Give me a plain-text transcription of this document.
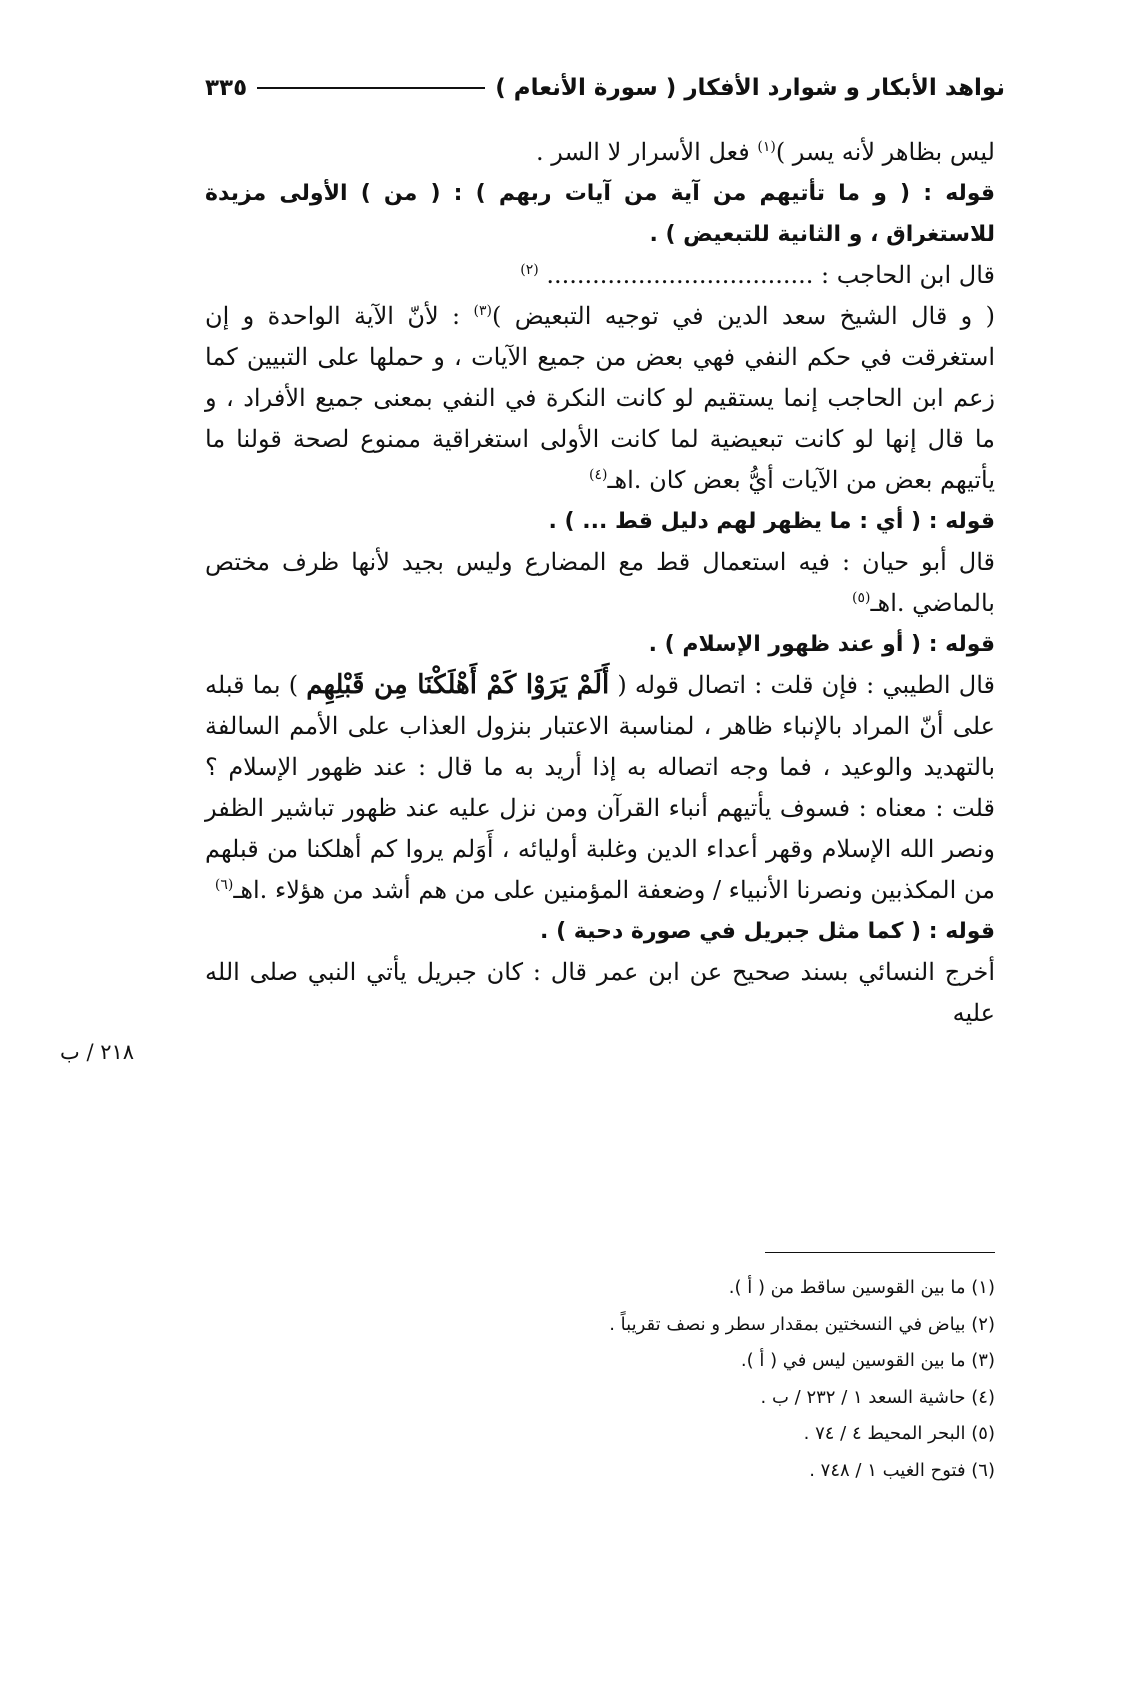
نواهد الأبكار و شوارد الأفكار ( سورة الأنعام )
٣٣٥

ليس بظاهر لأنه يسر )$^{(١)}$ فعل الأسرار لا السر .

قوله : ( و ما تأتيهم من آية من آيات ربهم ) : ( من ) الأولى مزيدة للاستغراق ، و الثانية للتبعيض ) .

قال ابن الحاجب : ................................... $^{(٢)}$

( و قال الشيخ سعد الدين في توجيه التبعيض )$^{(٣)}$ : لأنّ الآية الواحدة و إن استغرقت في حكم النفي فهي بعض من جميع الآيات ، و حملها على التبيين كما زعم ابن الحاجب إنما يستقيم لو كانت النكرة في النفي بمعنى جميع الأفراد ، و ما قال إنها لو كانت تبعيضية لما كانت الأولى استغراقية ممنوع لصحة قولنا ما يأتيهم بعض من الآيات أيُّ بعض كان .اهـ$^{(٤)}$

قوله : ( أي : ما يظهر لهم دليل قط ... ) .

قال أبو حيان : فيه استعمال قط مع المضارع وليس بجيد لأنها ظرف مختص بالماضي .اهـ$^{(٥)}$

قوله : ( أو عند ظهور الإسلام ) .

قال الطيبي : فإن قلت : اتصال قوله ( أَلَمْ يَرَوْا كَمْ أَهْلَكْنَا مِن قَبْلِهِم ) بما قبله على أنّ المراد بالإنباء ظاهر ، لمناسبة الاعتبار بنزول العذاب على الأمم السالفة بالتهديد والوعيد ، فما وجه اتصاله به إذا أريد به ما قال : عند ظهور الإسلام ؟ قلت : معناه : فسوف يأتيهم أنباء القرآن ومن نزل عليه عند ظهور تباشير الظفر ونصر الله الإسلام وقهر أعداء الدين وغلبة أوليائه ، أَوَلم يروا كم أهلكنا من قبلهم من المكذبين ونصرنا الأنبياء / وضعفة المؤمنين على من هم أشد من هؤلاء .اهـ$^{(٦)}$

قوله : ( كما مثل جبريل في صورة دحية ) .

أخرج النسائي بسند صحيح عن ابن عمر قال : كان جبريل يأتي النبي صلى الله عليه

٢١٨ / ب
(١) ما بين القوسين ساقط من ( أ ).
(٢) بياض في النسختين بمقدار سطر و نصف تقريباً .
(٣) ما بين القوسين ليس في ( أ ).
(٤) حاشية السعد ١ / ٢٣٢ / ب .
(٥) البحر المحيط ٤ / ٧٤ .
(٦) فتوح الغيب ١ / ٧٤٨ .
